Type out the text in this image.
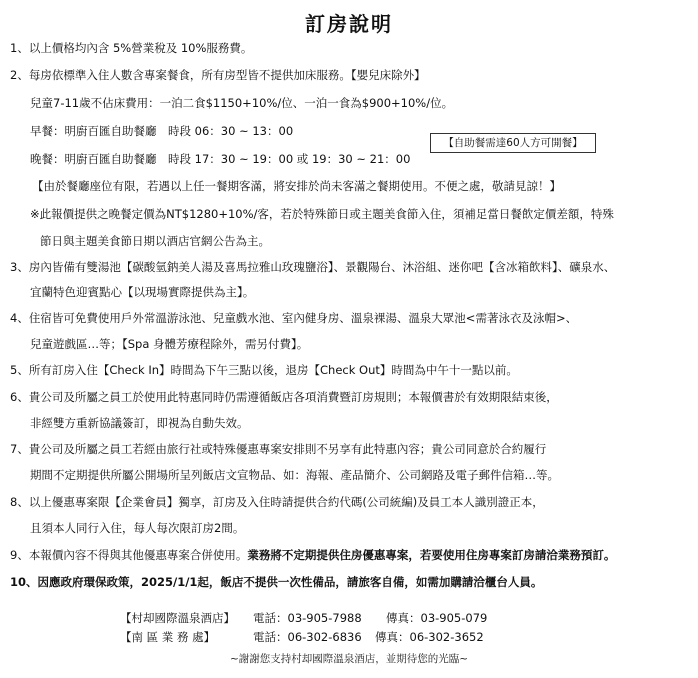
訂房說明
1、以上價格均內含 5%營業稅及 10%服務費。
2、每房依標準入住人數含專案餐食，所有房型皆不提供加床服務。【嬰兒床除外】
兒童7-11歲不佔床費用：一泊二食$1150+10%/位、一泊一食為$900+10%/位。
早餐：明廚百匯自助餐廳　時段 06：30 ~ 13：00
【自助餐需達60人方可開餐】
晚餐：明廚百匯自助餐廳　時段 17：30 ~ 19：00 或 19：30 ~ 21：00
【由於餐廳座位有限，若遇以上任一餐期客滿，將安排於尚未客滿之餐期使用。不便之處，敬請見諒！】
※此報價提供之晚餐定價為NT$1280+10%/客，若於特殊節日或主題美食節入住，須補足當日餐飲定價差額，特殊
節日與主題美食節日期以酒店官網公告為主。
3、房內皆備有雙湯池【碳酸氫鈉美人湯及喜馬拉雅山玫瑰鹽浴】、景觀陽台、沐浴組、迷你吧【含冰箱飲料】、礦泉水、
宜蘭特色迎賓點心【以現場實際提供為主】。
4、住宿皆可免費使用戶外常溫游泳池、兒童戲水池、室內健身房、溫泉裸湯、溫泉大眾池<需著泳衣及泳帽>、
兒童遊戲區…等；【Spa 身體芳療程除外，需另付費】。
5、所有訂房入住【Check In】時間為下午三點以後，退房【Check Out】時間為中午十一點以前。
6、貴公司及所屬之員工於使用此特惠同時仍需遵循飯店各項消費暨訂房規則；本報價書於有效期限結束後，
非經雙方重新協議簽訂，即視為自動失效。
7、貴公司及所屬之員工若經由旅行社或特殊優惠專案安排則不另享有此特惠內容；貴公司同意於合約履行
期間不定期提供所屬公開場所呈列飯店文宣物品、如：海報、產品簡介、公司網路及電子郵件信箱…等。
8、以上優惠專案限【企業會員】獨享，訂房及入住時請提供合約代碼(公司統編)及員工本人識別證正本，
且須本人同行入住，每人每次限訂房2間。
9、本報價內容不得與其他優惠專案合併使用。業務將不定期提供住房優惠專案，若要使用住房專案訂房請洽業務預訂。
10、因應政府環保政策，2025/1/1起，飯店不提供一次性備品，請旅客自備，如需加購請洽櫃台人員。
【村却國際溫泉酒店】 電話：03-905-7988 傳真：03-905-079
【南 區 業 務 處】	電話：06-302-6836 傳真：06-302-3652
~謝謝您支持村却國際溫泉酒店，並期待您的光臨~
